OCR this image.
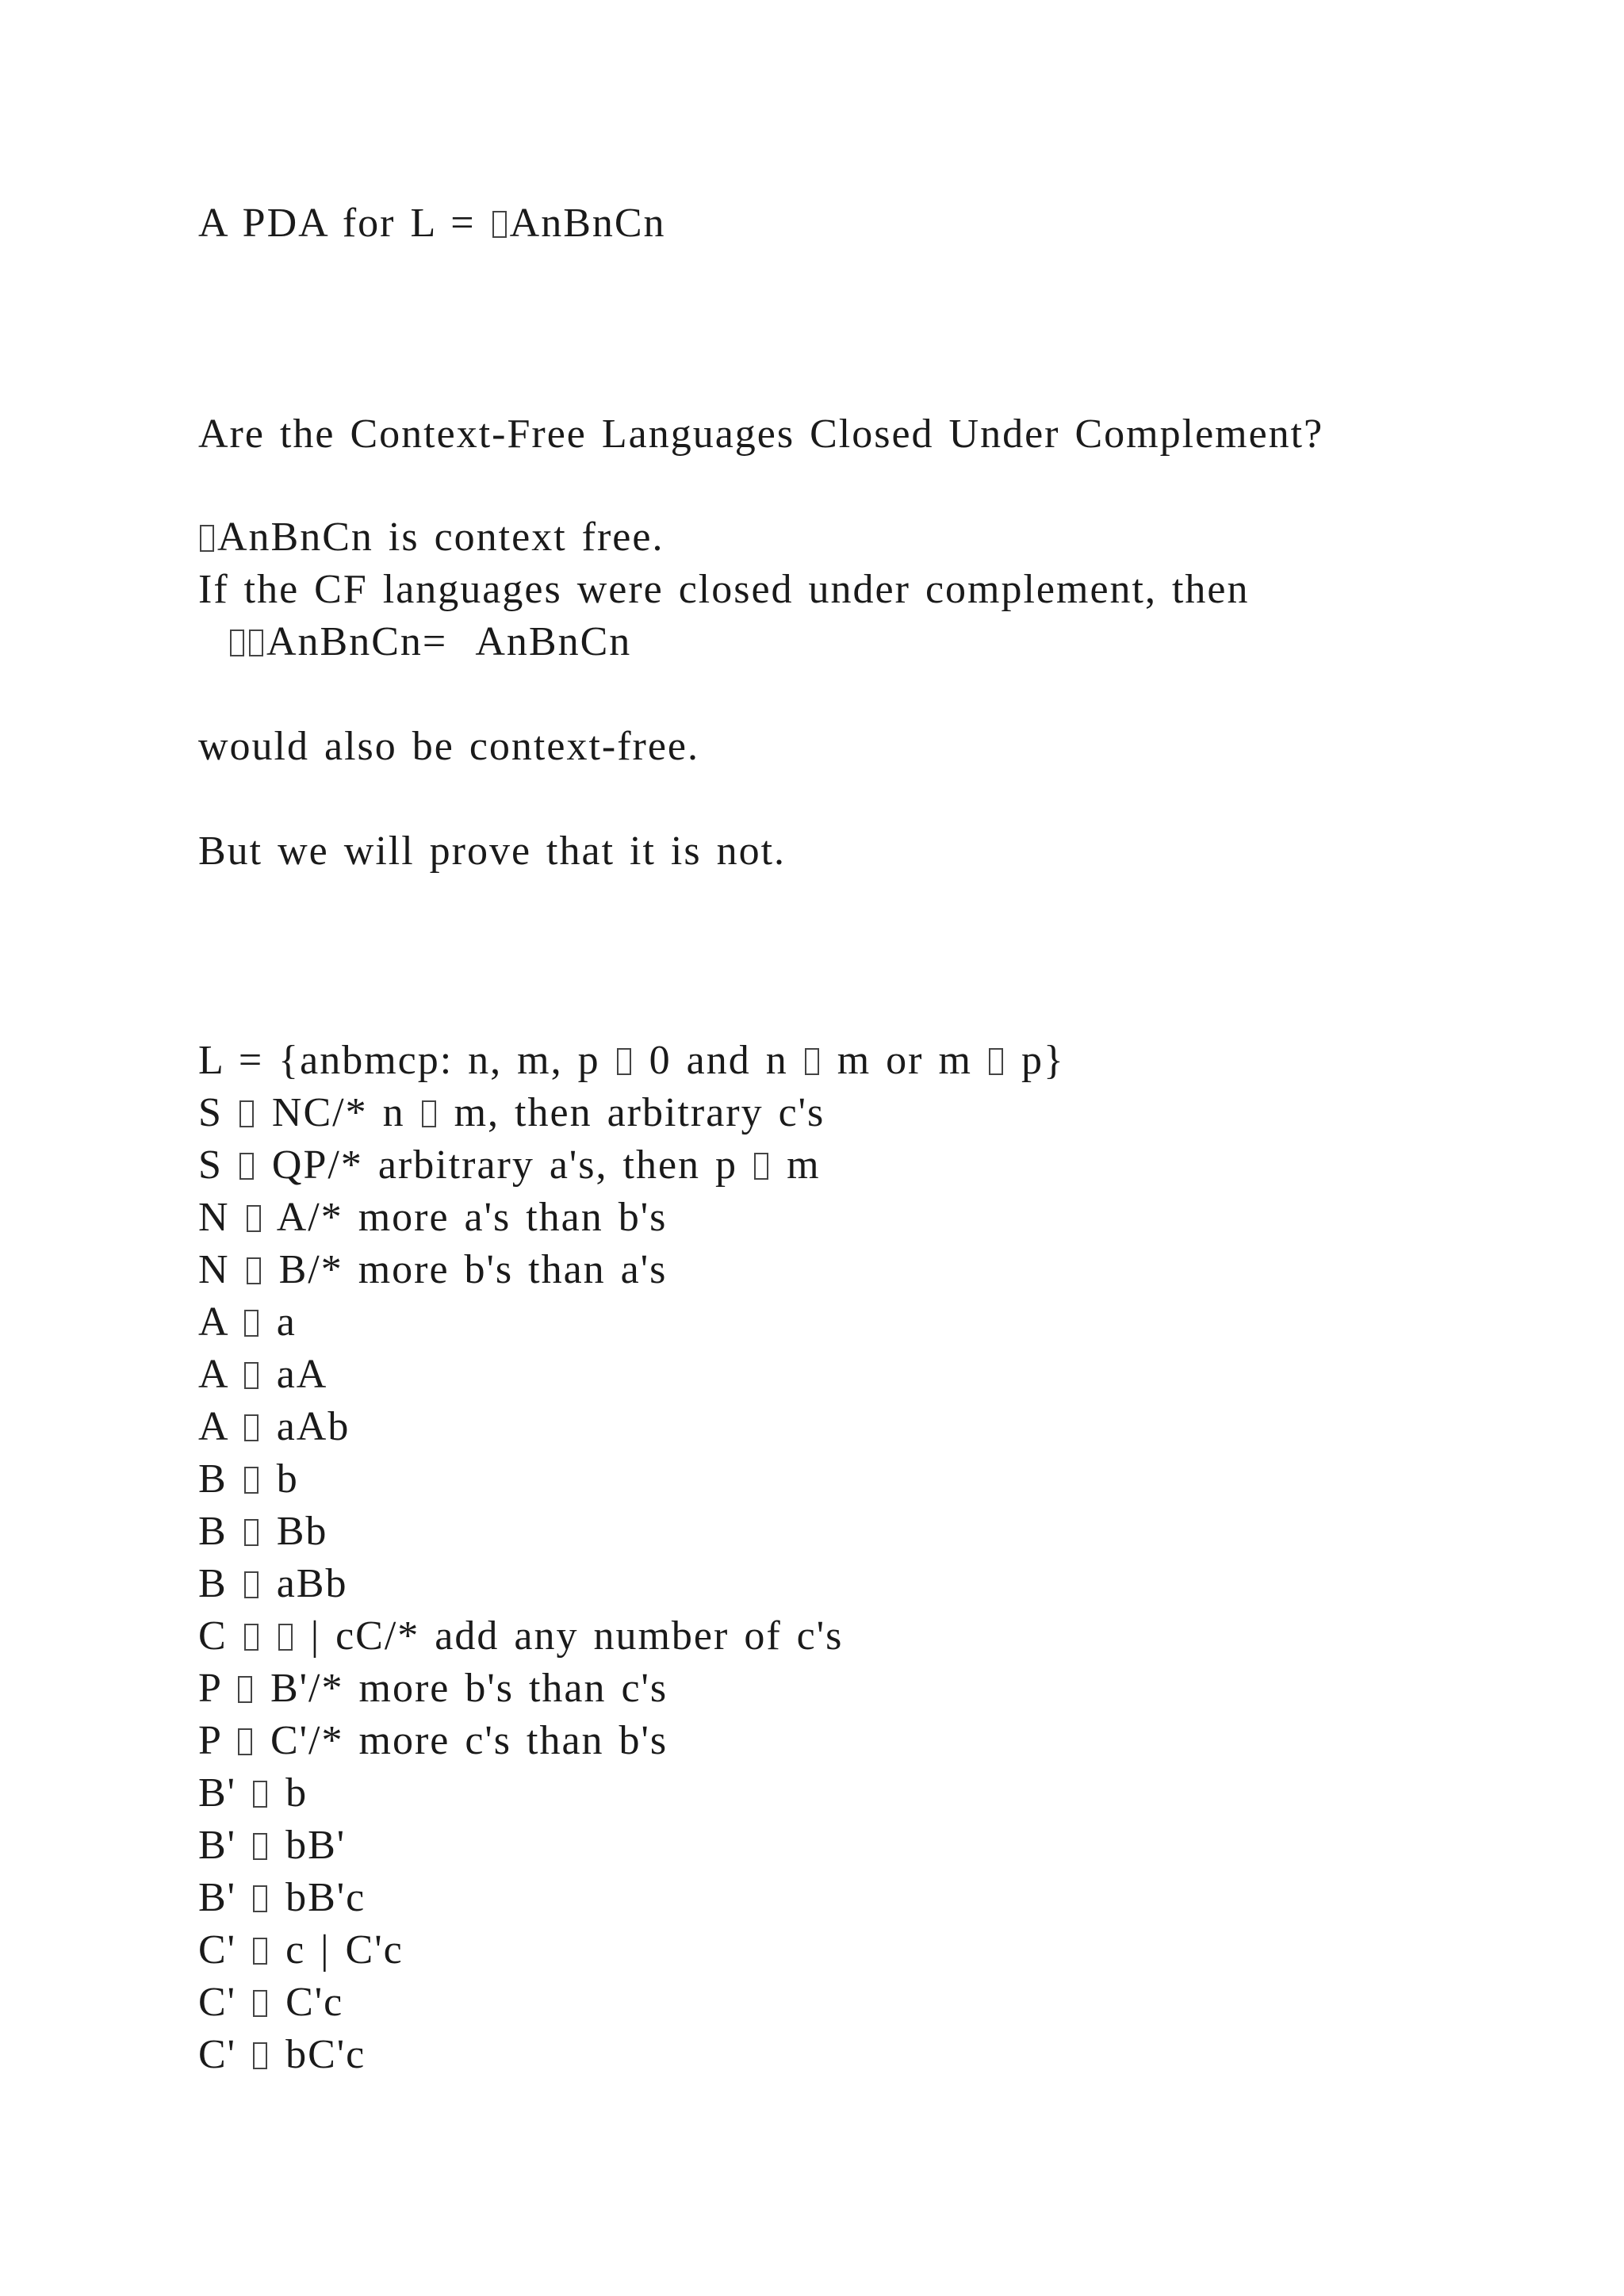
A PDA for L = AnBnCn
Are the Context-Free Languages Closed Under Complement?
AnBnCn is context free.
If the CF languages were closed under complement, then
AnBnCn=  AnBnCn
would also be context-free.
But we will prove that it is not.
L = {anbmcp: n, m, p  0 and n  m or m  p}
S  NC/* n  m, then arbitrary c's
S  QP/* arbitrary a's, then p  m
N  A/* more a's than b's
N  B/* more b's than a's
A  a
A  aA
A  aAb
B  b
B  Bb
B  aBb
C   | cC/* add any number of c's
P  B'/* more b's than c's
P  C'/* more c's than b's
B'  b
B'  bB'
B'  bB'c
C'  c | C'c
C'  C'c
C'  bC'c
